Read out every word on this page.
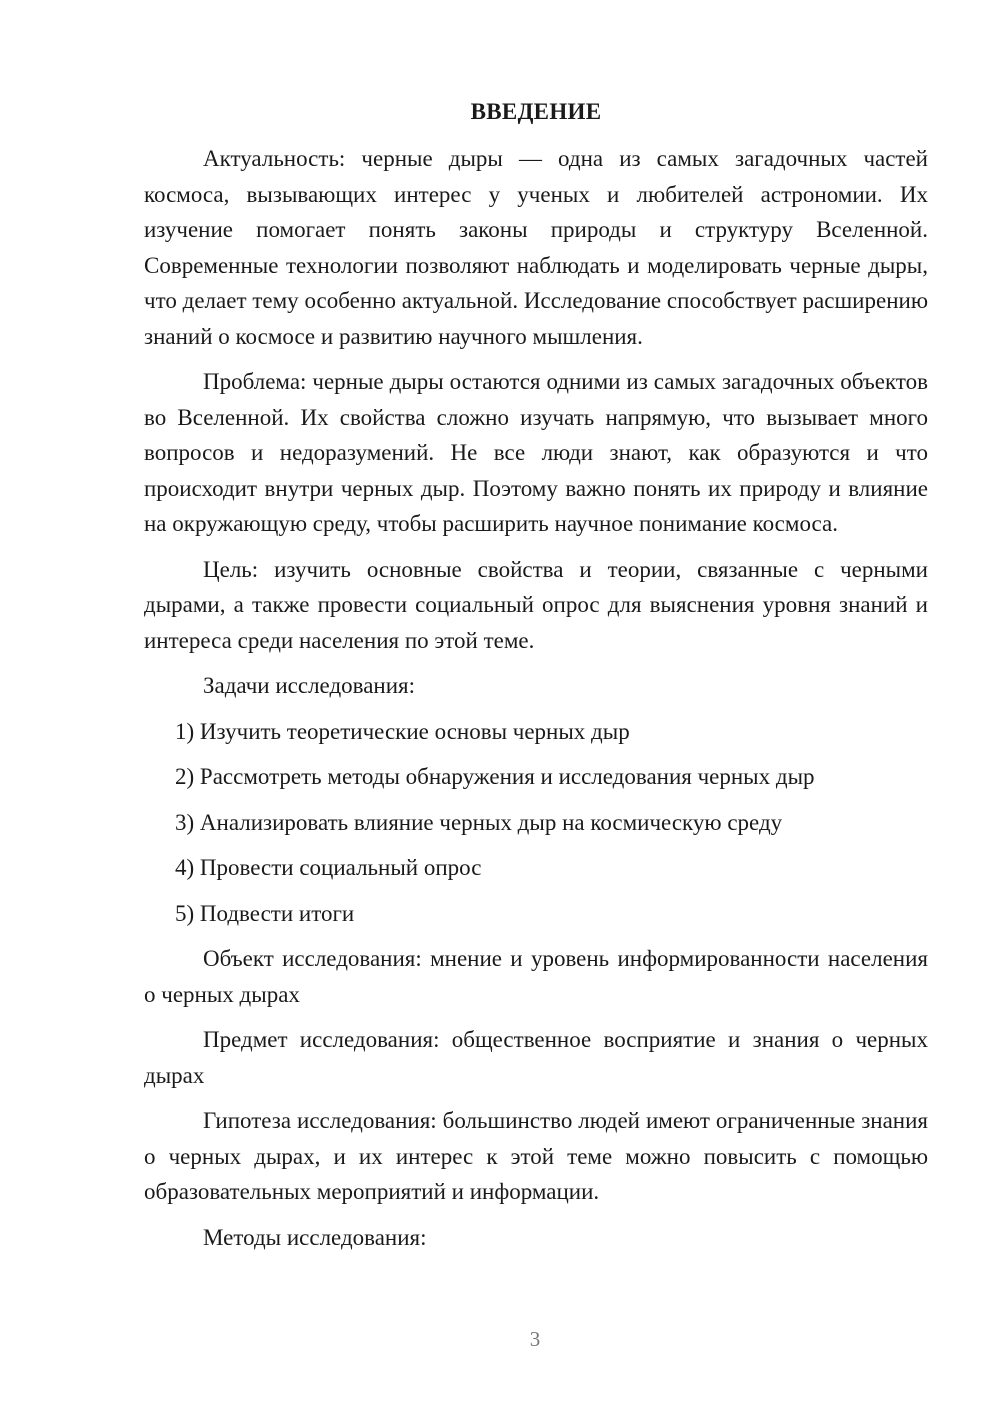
ВВЕДЕНИЕ

Актуальность: черные дыры — одна из самых загадочных частей космоса, вызывающих интерес у ученых и любителей астрономии. Их изучение помогает понять законы природы и структуру Вселенной. Современные технологии позволяют наблюдать и моделировать черные дыры, что делает тему особенно актуальной. Исследование способствует расширению знаний о космосе и развитию научного мышления.

Проблема: черные дыры остаются одними из самых загадочных объектов во Вселенной. Их свойства сложно изучать напрямую, что вызывает много вопросов и недоразумений. Не все люди знают, как образуются и что происходит внутри черных дыр. Поэтому важно понять их природу и влияние на окружающую среду, чтобы расширить научное понимание космоса.

Цель: изучить основные свойства и теории, связанные с черными дырами, а также провести социальный опрос для выяснения уровня знаний и интереса среди населения по этой теме.

Задачи исследования:

1) Изучить теоретические основы черных дыр
2) Рассмотреть методы обнаружения и исследования черных дыр
3) Анализировать влияние черных дыр на космическую среду
4) Провести социальный опрос
5) Подвести итоги

Объект исследования: мнение и уровень информированности населения о черных дырах

Предмет исследования: общественное восприятие и знания о черных дырах

Гипотеза исследования: большинство людей имеют ограниченные знания о черных дырах, и их интерес к этой теме можно повысить с помощью образовательных мероприятий и информации.

Методы исследования:

3
